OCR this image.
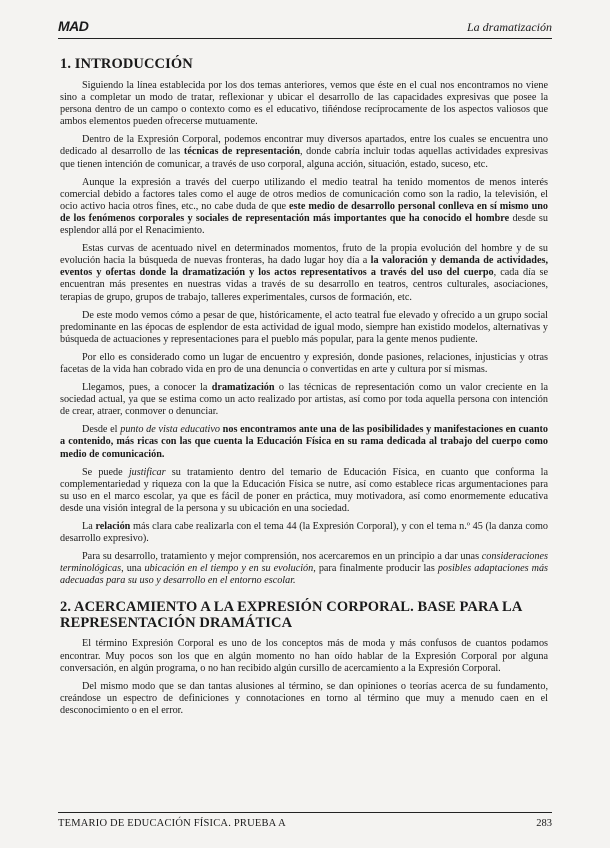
MAD	La dramatización
1. INTRODUCCIÓN

Siguiendo la línea establecida por los dos temas anteriores, vemos que éste en el cual nos encontramos no viene sino a completar un modo de tratar, reflexionar y ubicar el desarrollo de las capacidades expresivas que posee la persona dentro de un campo o contexto como es el educativo, tiñéndose recíprocamente de los aspectos valiosos que ambos elementos pueden ofrecerse mutuamente.

Dentro de la Expresión Corporal, podemos encontrar muy diversos apartados, entre los cuales se encuentra uno dedicado al desarrollo de las técnicas de representación, donde cabría incluir todas aquellas actividades expresivas que tienen intención de comunicar, a través de uso corporal, alguna acción, situación, estado, suceso, etc.

Aunque la expresión a través del cuerpo utilizando el medio teatral ha tenido momentos de menos interés comercial debido a factores tales como el auge de otros medios de comunicación como son la radio, la televisión, el ocio activo hacia otros fines, etc., no cabe duda de que este medio de desarrollo personal conlleva en sí mismo uno de los fenómenos corporales y sociales de representación más importantes que ha conocido el hombre desde su esplendor allá por el Renacimiento.

Estas curvas de acentuado nivel en determinados momentos, fruto de la propia evolución del hombre y de su evolución hacia la búsqueda de nuevas fronteras, ha dado lugar hoy día a la valoración y demanda de actividades, eventos y ofertas donde la dramatización y los actos representativos a través del uso del cuerpo, cada día se encuentran más presentes en nuestras vidas a través de su desarrollo en teatros, centros culturales, asociaciones, terapias de grupo, grupos de trabajo, talleres experimentales, cursos de formación, etc.

De este modo vemos cómo a pesar de que, históricamente, el acto teatral fue elevado y ofrecido a un grupo social predominante en las épocas de esplendor de esta actividad de igual modo, siempre han existido modelos, alternativas y búsqueda de actuaciones y representaciones para el pueblo más popular, para la gente menos pudiente.

Por ello es considerado como un lugar de encuentro y expresión, donde pasiones, relaciones, injusticias y otras facetas de la vida han cobrado vida en pro de una denuncia o convertidas en arte y cultura por sí mismas.

Llegamos, pues, a conocer la dramatización o las técnicas de representación como un valor creciente en la sociedad actual, ya que se estima como un acto realizado por artistas, así como por toda aquella persona con intención de crear, atraer, conmover o denunciar.

Desde el punto de vista educativo nos encontramos ante una de las posibilidades y manifestaciones en cuanto a contenido, más ricas con las que cuenta la Educación Física en su rama dedicada al trabajo del cuerpo como medio de comunicación.

Se puede justificar su tratamiento dentro del temario de Educación Física, en cuanto que conforma la complementariedad y riqueza con la que la Educación Física se nutre, así como establece ricas argumentaciones para su uso en el marco escolar, ya que es fácil de poner en práctica, muy motivadora, así como enormemente educativa desde una visión integral de la persona y su ubicación en una sociedad.

La relación más clara cabe realizarla con el tema 44 (la Expresión Corporal), y con el tema n.º 45 (la danza como desarrollo expresivo).

Para su desarrollo, tratamiento y mejor comprensión, nos acercaremos en un principio a dar unas consideraciones terminológicas, una ubicación en el tiempo y en su evolución, para finalmente producir las posibles adaptaciones más adecuadas para su uso y desarrollo en el entorno escolar.

2. ACERCAMIENTO A LA EXPRESIÓN CORPORAL. BASE PARA LA REPRESENTACIÓN DRAMÁTICA

El término Expresión Corporal es uno de los conceptos más de moda y más confusos de cuantos podamos encontrar. Muy pocos son los que en algún momento no han oído hablar de la Expresión Corporal por alguna conversación, en algún programa, o no han recibido algún cursillo de acercamiento a la Expresión Corporal.

Del mismo modo que se dan tantas alusiones al término, se dan opiniones o teorías acerca de su fundamento, creándose un espectro de definiciones y connotaciones en torno al término que muy a menudo caen en el desconocimiento o en el error.

TEMARIO DE EDUCACIÓN FÍSICA. PRUEBA A	283
